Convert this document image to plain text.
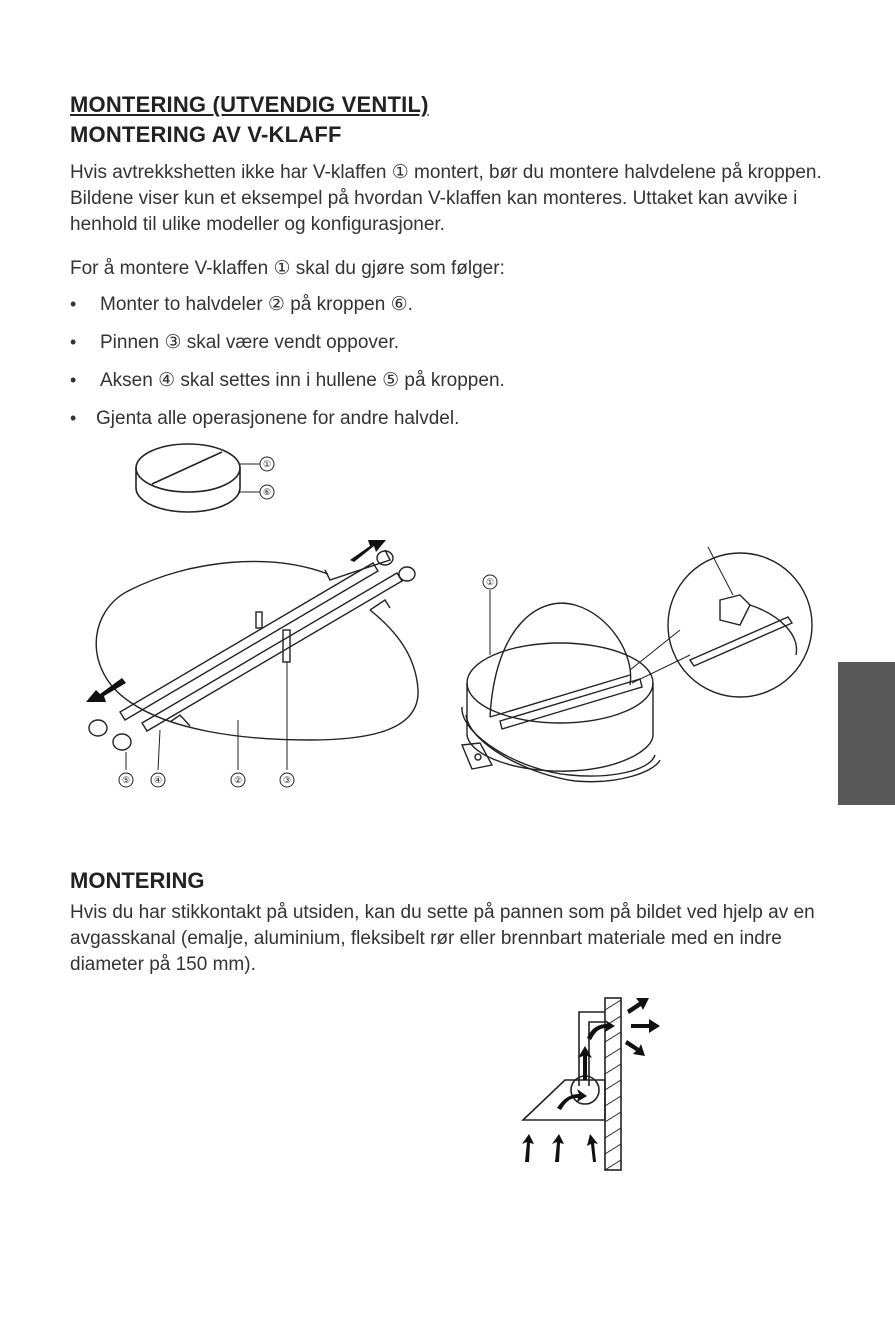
MONTERING (UTVENDIG VENTIL)
MONTERING AV V-KLAFF

Hvis avtrekkshetten ikke har V-klaffen ① montert, bør du montere halvdelene på kroppen. Bildene viser kun et eksempel på hvordan V-klaffen kan monteres. Uttaket kan avvike i henhold til ulike modeller og konfigurasjoner.

For å montere V-klaffen ① skal du gjøre som følger:

• Monter to halvdeler ② på kroppen ⑥.
• Pinnen ③ skal være vendt oppover.
• Aksen ④ skal settes inn i hullene ⑤ på kroppen.
• Gjenta alle operasjonene for andre halvdel.
①
⑥
⑤	④	②	③
①
MONTERING

Hvis du har stikkontakt på utsiden, kan du sette på pannen som på bildet ved hjelp av en avgasskanal (emalje, aluminium, fleksibelt rør eller brennbart materiale med en indre diameter på 150 mm).
